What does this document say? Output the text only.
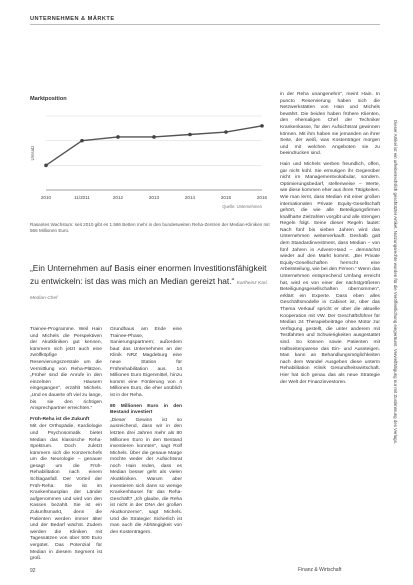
UNTERNEHMEN & MÄRKTE
Marktposition
Umsatz
2010	11/2011	2012	2013	2014	2015	2016
Quelle: Unternehmen
Rasantes Wachstum: seit 2010 gibt es 1.566 Betten mehr in den bundesweiten Reha-Zentren der Median-Kliniken mit 566 Millionen Euro.
„Ein Unternehmen auf Basis einer enormen Investitionsfähigkeit zu entwickeln: ist das was mich an Median gereizt hat.“ Karlheinz Karl, Median-Chef

Trainee-Programme. Weil Hain und Michels die Perspektiven der Akutkliniken gut kennen, kümmern sich jetzt auch eine zwölfköpfige Reservierungszentrale um die Vermittlung von Reha-Plätzen. „Früher sind die Anrufe in den einzelnen Häusern eingegangen“, erzählt Michels. „Und es dauerte oft viel zu lange, bis sie den richtigen Ansprechpartner erreichten.“

Früh-Reha ist die Zukunft

Mit der Orthopädie, Kardiologie und Psychosomatik bietet Median das klassische Reha-Spektrum. Doch zuletzt kümmern sich die Konzernchefs um die Neurologie – genauer gesagt um die Früh-Rehabilitation nach einem Schlaganfall. Der Vorteil der Früh-Reha: Sie ist im Krankenhausplan der Länder aufgenommen und wird von den Kassen bezahlt. Sie ist ein Zukunftsmarkt, denn die Patienten werden immer älter und der Bedarf wächst. Zudem werden die Kliniken mit Tagessätzen von über 500 Euro vergütet. Das Potenzial für Median in diesem Segment ist groß.

Grundhaus am Ende eine Trainee-Phase, Sanierungspartnern; außerdem baut das Unternehmen an der Klinik NRZ Magdeburg eine neue Station für Frührehabilitation aus. 14 Millionen Euro Eigenmittel, hinzu kommt eine Förderung von 4 Millionen Euro, die eher unüblich ist in der Reha.

80 Millionen Euro in den Bestand investiert

„Dieser Gewinn ist so ausreichend, dass wir in den letzten drei Jahren mehr als 80 Millionen Euro in den Bestand investieren konnten“, sagt Rolf Michels. Über die genaue Marge möchte weder der Aufsichtsrat noch Hain reden, dass es Median besser geht als vielen Akutkliniken. Warum aber investieren sich dann so wenige Krankenhäuser für das Reha-Geschäft? „Ich glaube, die Reha ist nicht in der DNA der großen Akutkonzerne“, sagt Michels. Und die Strategie: Sicherlich ist man auch die Abhängigkeit von den Kostenträgern.

in der Reha unangenehm“, meint Hain. In puncto Reservierung haben sich die Netzwerkstätten von Hain und Michels bewährt. Die beiden haben frühere Klienten, den ehemaligen Chef der Techniker Krankenkasse, für den Aufsichtsrat gewinnen können. Mit ihm haben sie jemanden an ihrer Seite, der weiß, was Kostenträger morgen und mit welchen Angeboten sie zu beeindrucken sind.

Hain und Michels werben freundlich, offen, gar nicht kühl. Sie ermutigen ihr Gegenüber nicht im Managementvokabular, sondern. Optimierungsbedarf, stellenweise – Werte, wie diese kommen eher aus ihren Tätigkeiten. Wie man lernt, dass Median mit einer großen internationalen Private Equity-Gesellschaft gehört, die wie alle Beteiligungsfirmen knallharte Zielzahlen vorgibt und alle strengen Regeln folgt. Seine dieser Regeln lautet: Nach fünf bis sieben Jahren wird das Unternehmen weiterverkauft. Deshalb galt dem Standardinvestment, dass Median – von fünf Jahren in Advent-Hand – demnächst wieder auf den Markt kommt. „Bei Private Equity-Gesellschaften herrscht eine Arbeitsteilung, wie bei den Firmen.“ Wenn das Unternehmen entsprechend Umfang erreicht hat, wird es von einer der nächstgrößeren Beteiligungsgesellschaften übernommen“, erklärt ein Experte. Dass eben alles Geschäftsmodelle in Cabinet ist, über das Thema Verkauf spricht er über die aktuelle Kooperation mit VW. Der Geschäftsführer für Median 24 Therapiebeiträge ohne Motor zur Verfügung gestellt, die unter anderem mit Testfahrten und Schwierigkeiten ausgestattet sind. So können sowie Patienten mit Halbseitenparese das Ein- und Aussteigen. Man kann an Behandlungsmöglichkeiten nach dem Wandel Ausgeben diese unterm Rehabilitation Klinik Gesundheitswirtschaft. Hier hat sich genau das als neue Strategie der Welt der Finanzinvestoren.	Dieser Artikel ist ein urheberrechtlich geschützter Artikel. Nutzungsrechte wurden für die Veröffentlichung eingeräumt. Vervielfältigung nur mit Zustimmung des Verlags.
92	Finanz & Wirtschaft
